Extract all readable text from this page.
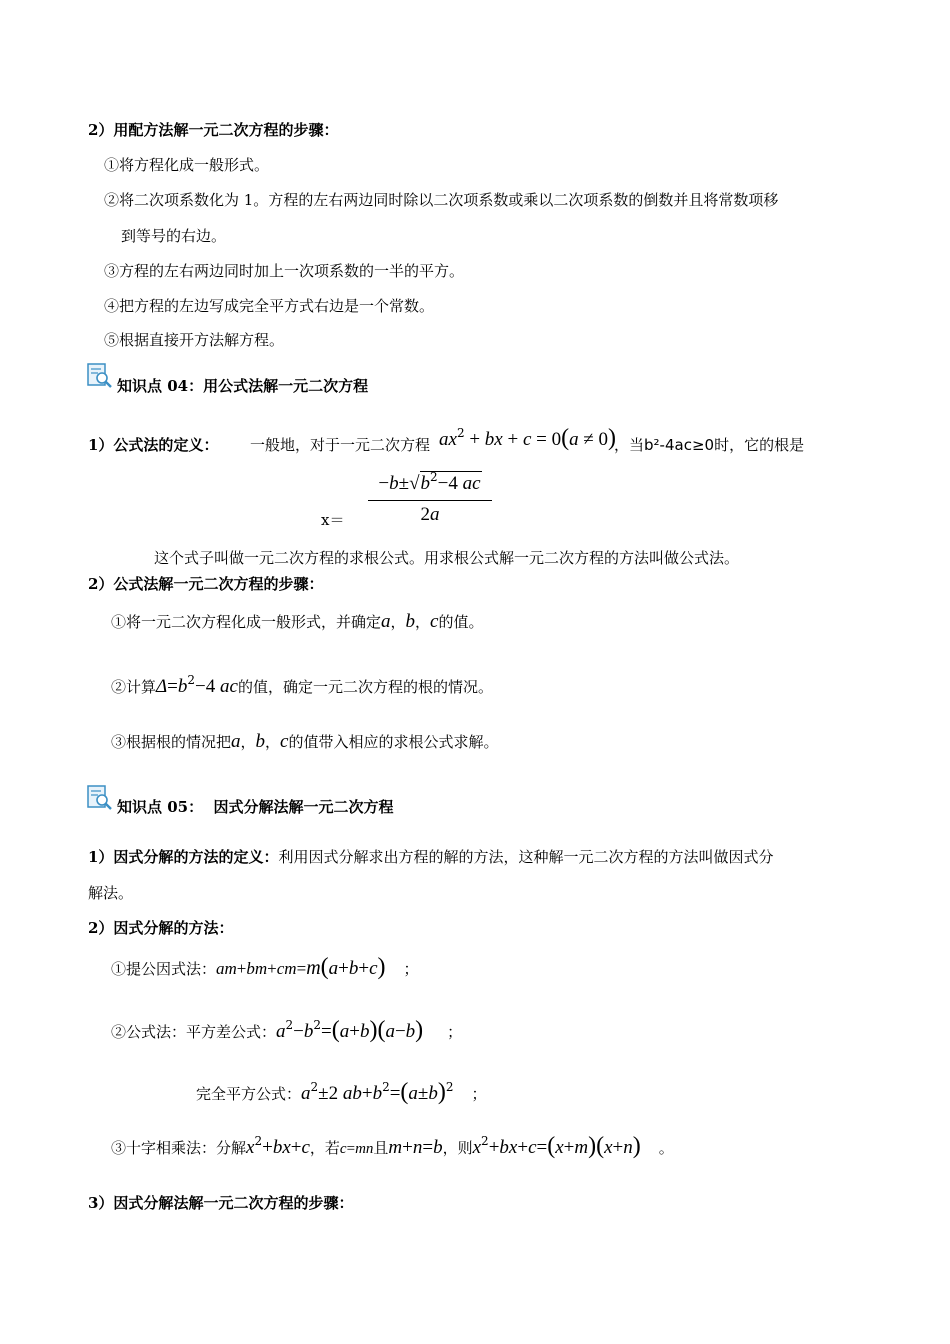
2）用配方法解一元二次方程的步骤：
①将方程化成一般形式。
②将二次项系数化为 1。方程的左右两边同时除以二次项系数或乘以二次项系数的倒数并且将常数项移
到等号的右边。
③方程的左右两边同时加上一次项系数的一半的平方。
④把方程的左边写成完全平方式右边是一个常数。
⑤根据直接开方法解方程。
知识点 04：用公式法解一元二次方程
1）公式法的定义： 一般地，对于一元二次方程 $ax^2$ + bx + c = 0(a ≠ 0)
，当b²-4ac≥0时，它的根是
x＝
$-b\pm√b^2-4$ ac
2a
这个式子叫做一元二次方程的求根公式。用求根公式解一元二次方程的方法叫做公式法。
2）公式法解一元二次方程的步骤：
①将一元二次方程化成一般形式，并确定a，b，c的值。
②计算$\Delta=b^2-4$ ac的值，确定一元二次方程的根的情况。
③根据根的情况把a，b，c的值带入相应的求根公式求解。
知识点 05：  因式分解法解一元二次方程
1）因式分解的方法的定义：利用因式分解求出方程的解的方法，这种解一元二次方程的方法叫做因式分
解法。
2）因式分解的方法：
①提公因式法：am+bm+cm=m(a+b+c) ；
②公式法：平方差公式：$a^2-b^2=(a+b)(a-b)$ ；
完全平方公式：$a^2\pm 2$ $ab+b^2=(a\pm b)^2$ ；
③十字相乘法：分解$x^2+bx+c$，若c=mn且m+n=b，则$x^2+bx+c=(x+m)(x+n)$ 。
3）因式分解法解一元二次方程的步骤：
